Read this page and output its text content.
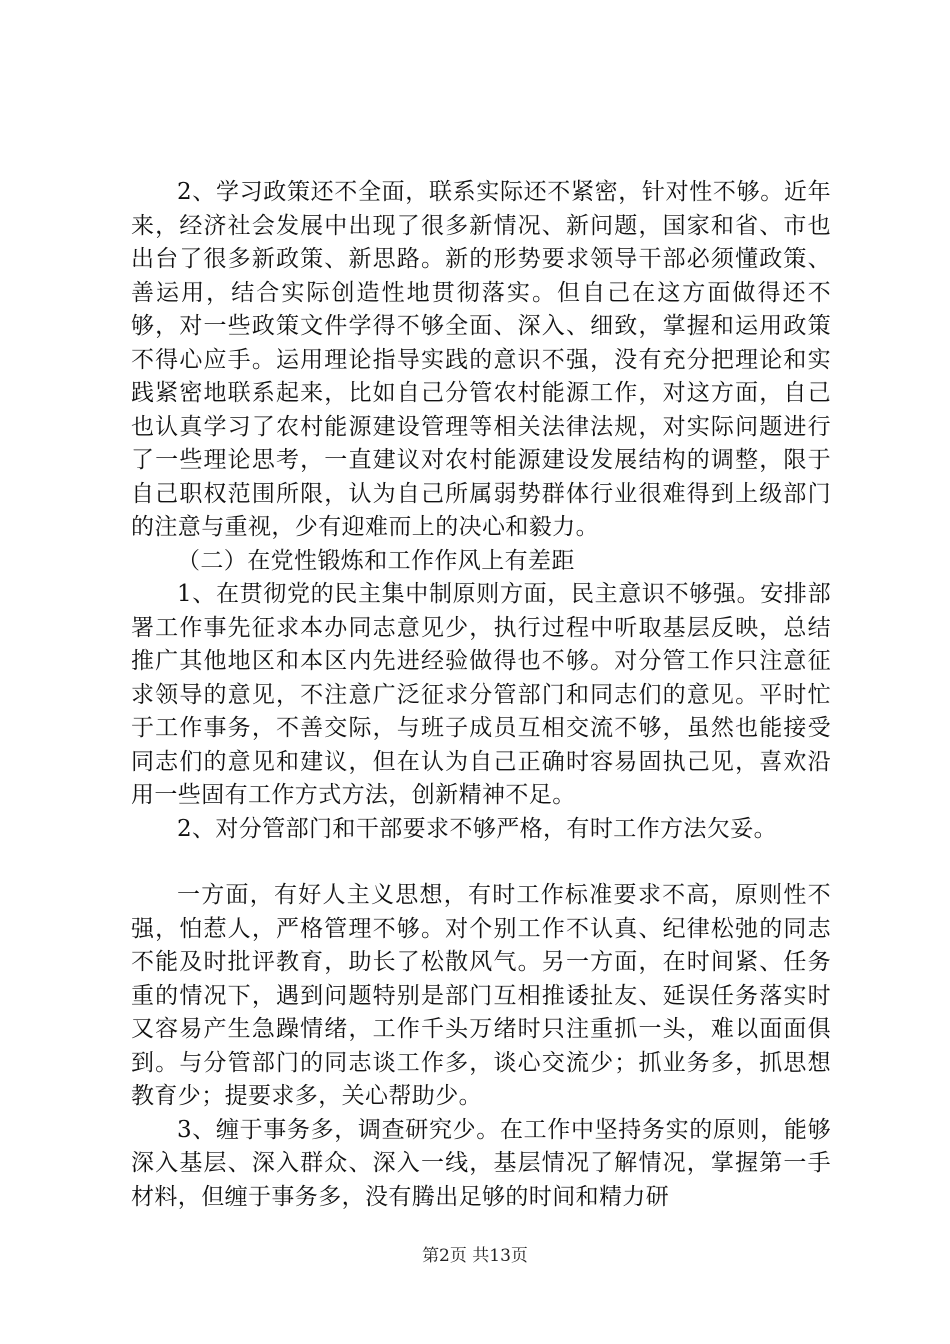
2、学习政策还不全面，联系实际还不紧密，针对性不够。近年来，经济社会发展中出现了很多新情况、新问题，国家和省、市也出台了很多新政策、新思路。新的形势要求领导干部必须懂政策、善运用，结合实际创造性地贯彻落实。但自己在这方面做得还不够，对一些政策文件学得不够全面、深入、细致，掌握和运用政策不得心应手。运用理论指导实践的意识不强，没有充分把理论和实践紧密地联系起来，比如自己分管农村能源工作，对这方面，自己也认真学习了农村能源建设管理等相关法律法规，对实际问题进行了一些理论思考，一直建议对农村能源建设发展结构的调整，限于自己职权范围所限，认为自己所属弱势群体行业很难得到上级部门的注意与重视，少有迎难而上的决心和毅力。

（二）在党性锻炼和工作作风上有差距

1、在贯彻党的民主集中制原则方面，民主意识不够强。安排部署工作事先征求本办同志意见少，执行过程中听取基层反映，总结推广其他地区和本区内先进经验做得也不够。对分管工作只注意征求领导的意见，不注意广泛征求分管部门和同志们的意见。平时忙于工作事务，不善交际，与班子成员互相交流不够，虽然也能接受同志们的意见和建议，但在认为自己正确时容易固执己见，喜欢沿用一些固有工作方式方法，创新精神不足。

2、对分管部门和干部要求不够严格，有时工作方法欠妥。

一方面，有好人主义思想，有时工作标准要求不高，原则性不强，怕惹人，严格管理不够。对个别工作不认真、纪律松弛的同志不能及时批评教育，助长了松散风气。另一方面，在时间紧、任务重的情况下，遇到问题特别是部门互相推诿扯友、延误任务落实时又容易产生急躁情绪，工作千头万绪时只注重抓一头，难以面面俱到。与分管部门的同志谈工作多，谈心交流少；抓业务多，抓思想教育少；提要求多，关心帮助少。

3、缠于事务多，调查研究少。在工作中坚持务实的原则，能够深入基层、深入群众、深入一线，基层情况了解情况，掌握第一手材料，但缠于事务多，没有腾出足够的时间和精力研

第2页 共13页
